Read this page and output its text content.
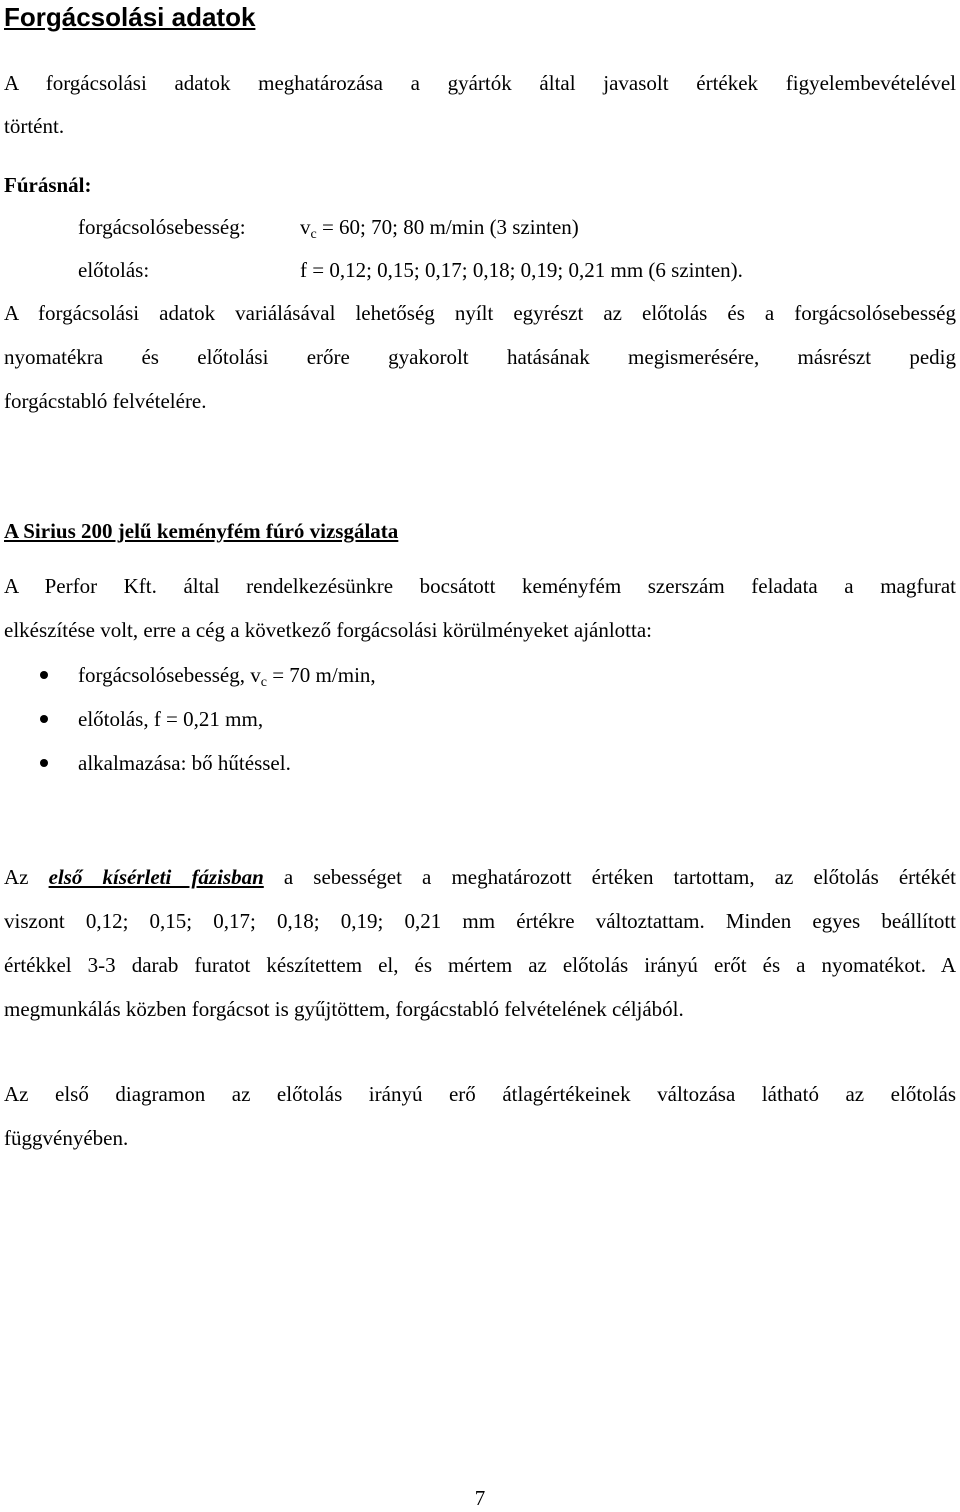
Forgácsolási adatok
A forgácsolási adatok meghatározása a gyártók által javasolt értékek figyelembevételével
történt.
Fúrásnál:
forgácsolósebesség:	$v_c = 60$; 70; 80 m/min (3 szinten)
előtolás:	f = 0,12; 0,15; 0,17; 0,18; 0,19; 0,21 mm (6 szinten).
A forgácsolási adatok variálásával lehetőség nyílt egyrészt az előtolás és a forgácsolósebesség
nyomatékra és előtolási erőre gyakorolt hatásának megismerésére, másrészt pedig
forgácstabló felvételére.
A Sirius 200 jelű keményfém fúró vizsgálata
A Perfor Kft. által rendelkezésünkre bocsátott keményfém szerszám feladata a magfurat
elkészítése volt, erre a cég a következő forgácsolási körülményeket ajánlotta:
forgácsolósebesség, $v_c = 70$ m/min,
előtolás, f = 0,21 mm,
alkalmazása: bő hűtéssel.
Az első kísérleti fázisban a sebességet a meghatározott értéken tartottam, az előtolás értékét
viszont 0,12; 0,15; 0,17; 0,18; 0,19; 0,21 mm értékre változtattam. Minden egyes beállított
értékkel 3-3 darab furatot készítettem el, és mértem az előtolás irányú erőt és a nyomatékot. A
megmunkálás közben forgácsot is gyűjtöttem, forgácstabló felvételének céljából.
Az első diagramon az előtolás irányú erő átlagértékeinek változása látható az előtolás
függvényében.
7
